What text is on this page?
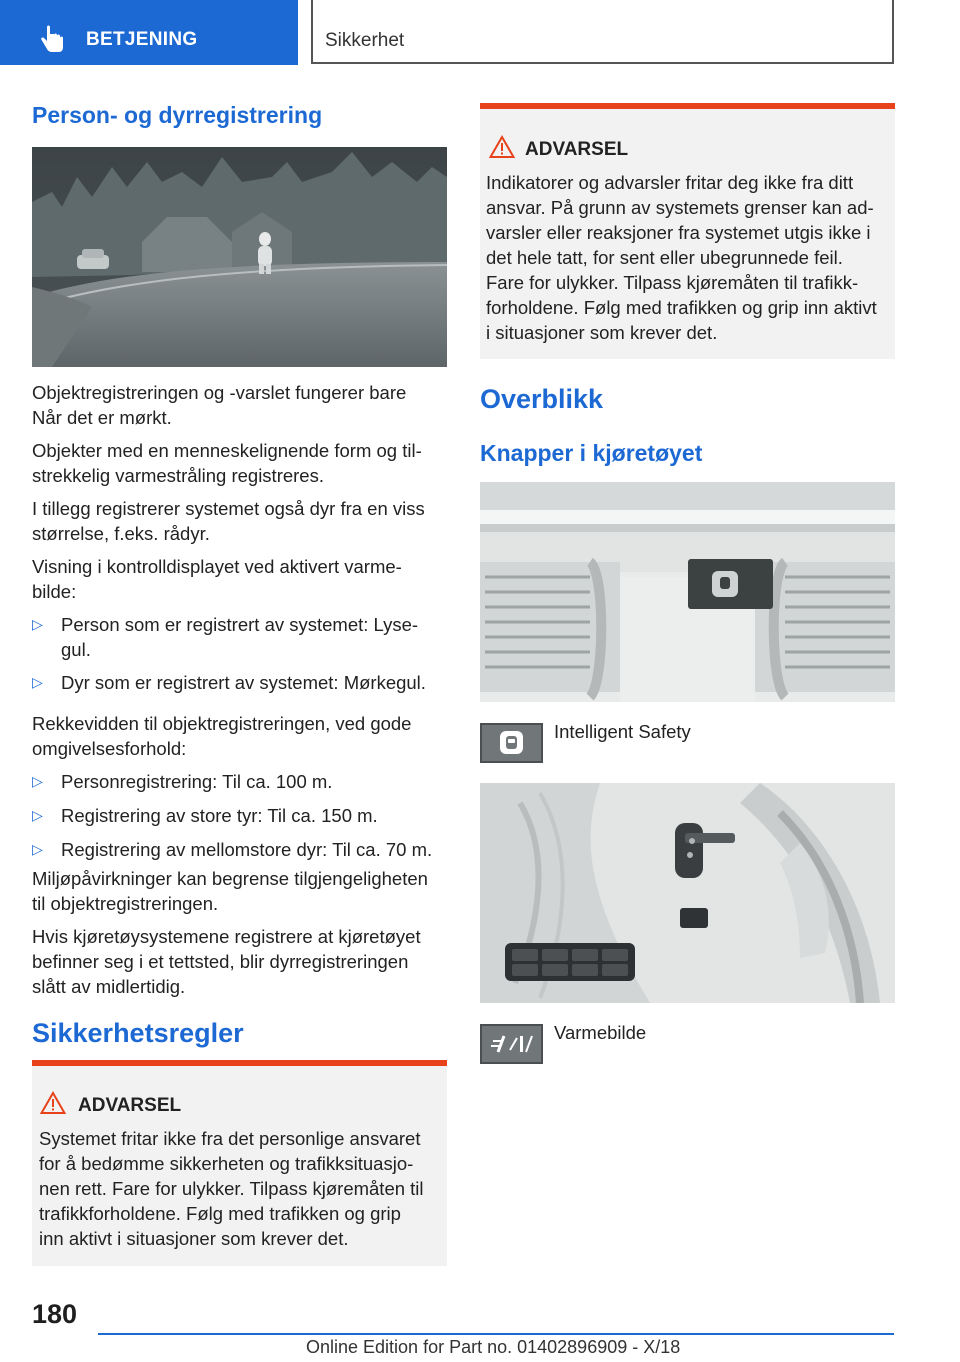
BETJENING	Sikkerhet
Person- og dyrregistrering

Objektregistreringen og -varslet fungerer bare
Når det er mørkt.

Objekter med en menneskelignende form og til-
strekkelig varmestråling registreres.

I tillegg registrerer systemet også dyr fra en viss
størrelse, f.eks. rådyr.

Visning i kontrolldisplayet ved aktivert varme-
bilde:

▷ Person som er registrert av systemet: Lyse-
gul.
▷ Dyr som er registrert av systemet: Mørkegul.

Rekkevidden til objektregistreringen, ved gode
omgivelsesforhold:

▷ Personregistrering: Til ca. 100 m.
▷ Registrering av store tyr: Til ca. 150 m.
▷ Registrering av mellomstore dyr: Til ca. 70 m.

Miljøpåvirkninger kan begrense tilgjengeligheten
til objektregistreringen.

Hvis kjøretøysystemene registrere at kjøretøyet
befinner seg i et tettsted, blir dyrregistreringen
slått av midlertidig.

Sikkerhetsregler
ADVARSEL
Systemet fritar ikke fra det personlige ansvaret
for å bedømme sikkerheten og trafikksituasjo-
nen rett. Fare for ulykker. Tilpass kjøremåten til
trafikkforholdene. Følg med trafikken og grip
inn aktivt i situasjoner som krever det.
ADVARSEL
Indikatorer og advarsler fritar deg ikke fra ditt
ansvar. På grunn av systemets grenser kan ad-
varsler eller reaksjoner fra systemet utgis ikke i
det hele tatt, for sent eller ubegrunnede feil.
Fare for ulykker. Tilpass kjøremåten til trafikk-
forholdene. Følg med trafikken og grip inn aktivt
i situasjoner som krever det.
Overblikk
Knapper i kjøretøyet
Intelligent Safety
Varmebilde
180
Online Edition for Part no. 01402896909 - X/18
